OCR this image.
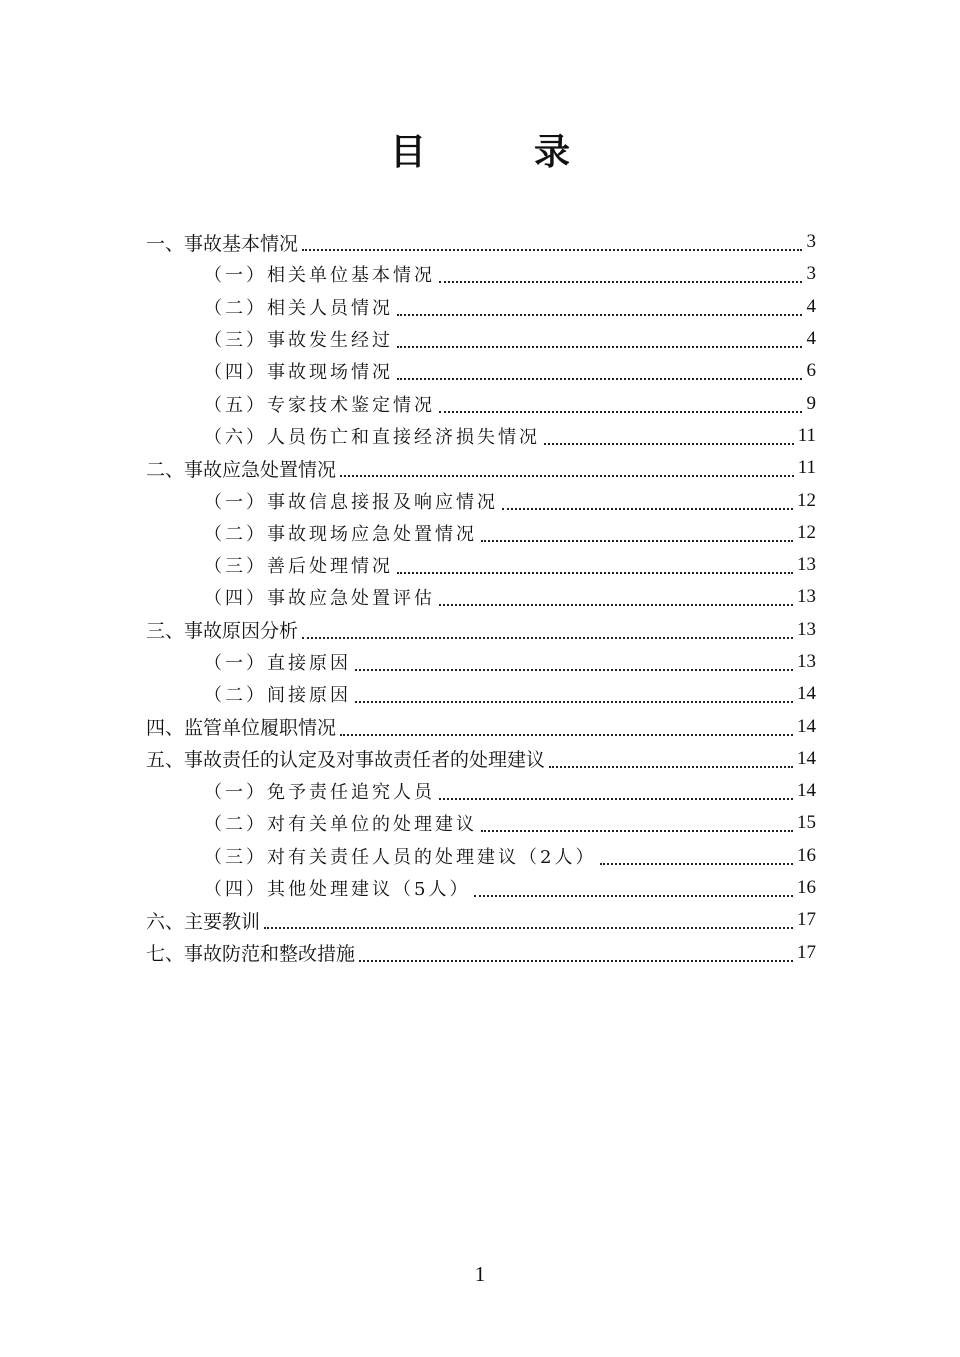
目　录
一、事故基本情况	3
（一）相关单位基本情况	3
（二）相关人员情况	4
（三）事故发生经过	4
（四）事故现场情况	6
（五）专家技术鉴定情况	9
（六）人员伤亡和直接经济损失情况	11
二、事故应急处置情况	11
（一）事故信息接报及响应情况	12
（二）事故现场应急处置情况	12
（三）善后处理情况	13
（四）事故应急处置评估	13
三、事故原因分析	13
（一）直接原因	13
（二）间接原因	14
四、监管单位履职情况	14
五、事故责任的认定及对事故责任者的处理建议	14
（一）免予责任追究人员	14
（二）对有关单位的处理建议	15
（三）对有关责任人员的处理建议（2人）	16
（四）其他处理建议（5人）	16
六、主要教训	17
七、事故防范和整改措施	17
1
